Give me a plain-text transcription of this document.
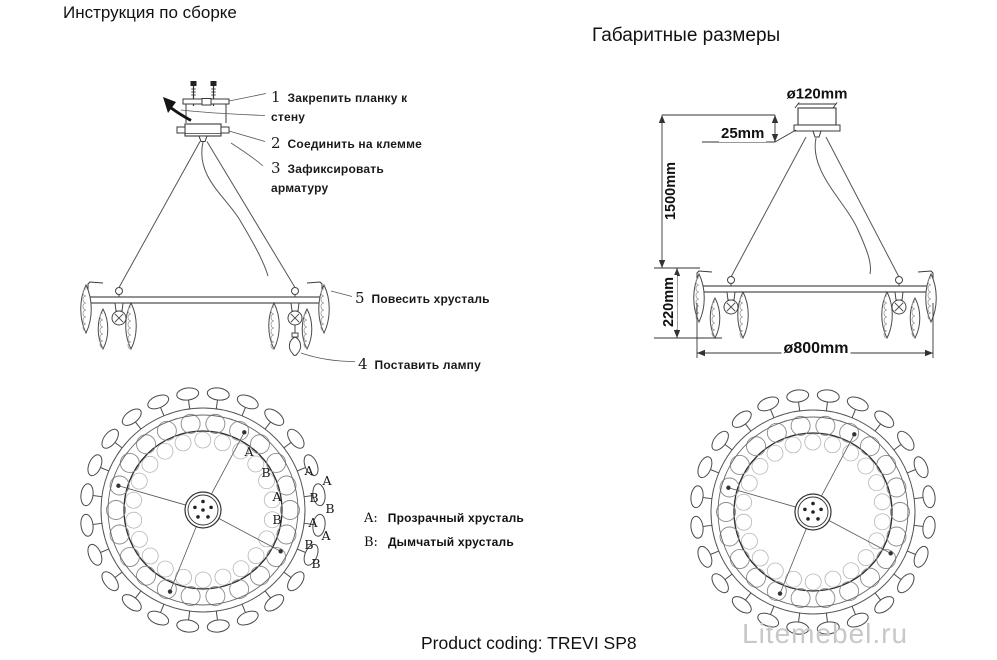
Инструкция по сборке
Габаритные размеры
1 Закрепить планку к
стену
2 Соединить на клемме
3 Зафиксировать
арматуру
5 Повесить хрусталь
4 Поставить лампу
ø120mm
25mm
1500mm
220mm
ø800mm
A
B	A
A
A B
B
B A
A
B
B
A: Прозрачный хрусталь
B: Дымчатый хрусталь
Product coding: TREVI SP8	Litemebel.ru
